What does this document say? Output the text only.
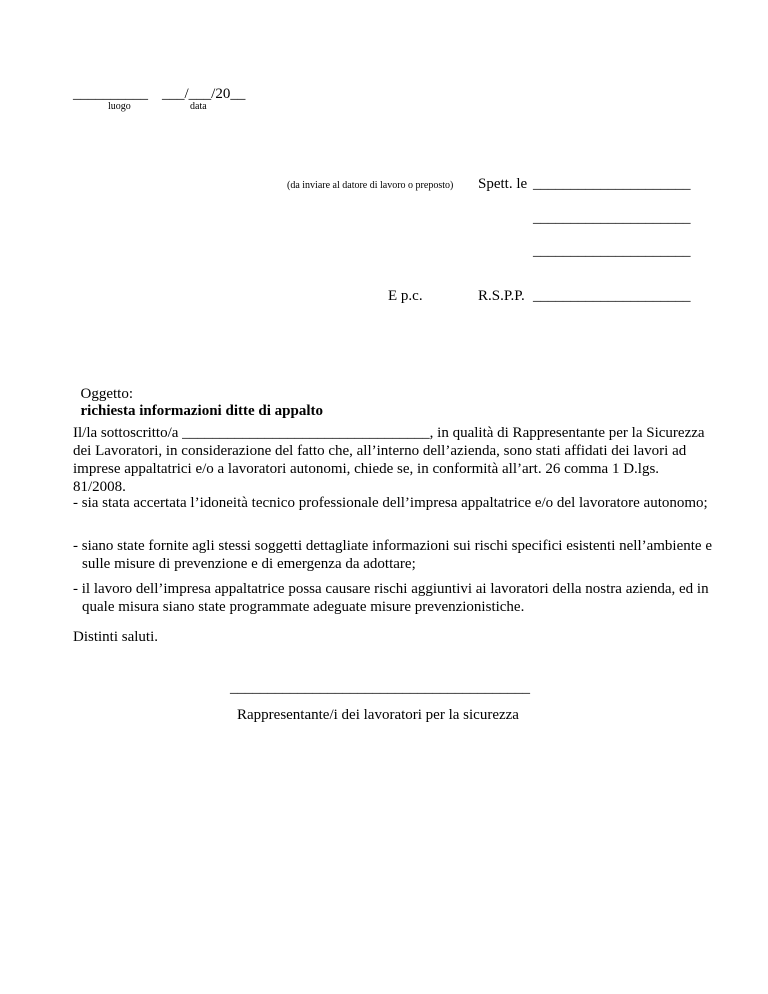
__________ ___/___/20__
luogo	data
(da inviare al datore di lavoro o preposto) Spett. le _____________________
_____________________
_____________________
E p.c.	R.S.P.P. _____________________

Oggetto:
richiesta informazioni ditte di appalto

Il/la sottoscritto/a _________________________________, in qualità di Rappresentante per la Sicurezza dei Lavoratori, in considerazione del fatto che, all’interno dell’azienda, sono stati affidati dei lavori ad imprese appaltatrici e/o a lavoratori autonomi, chiede se, in conformità all’art. 26 comma 1 D.lgs. 81/2008.
- sia stata accertata l’idoneità tecnico professionale dell’impresa appaltatrice e/o del lavoratore autonomo;
- siano state fornite agli stessi soggetti dettagliate informazioni sui rischi specifici esistenti nell’ambiente e sulle misure di prevenzione e di emergenza da adottare;
- il lavoro dell’impresa appaltatrice possa causare rischi aggiuntivi ai lavoratori della nostra azienda, ed in quale misura siano state programmate adeguate misure prevenzionistiche.
Distinti saluti.
________________________________________
Rappresentante/i dei lavoratori per la sicurezza
